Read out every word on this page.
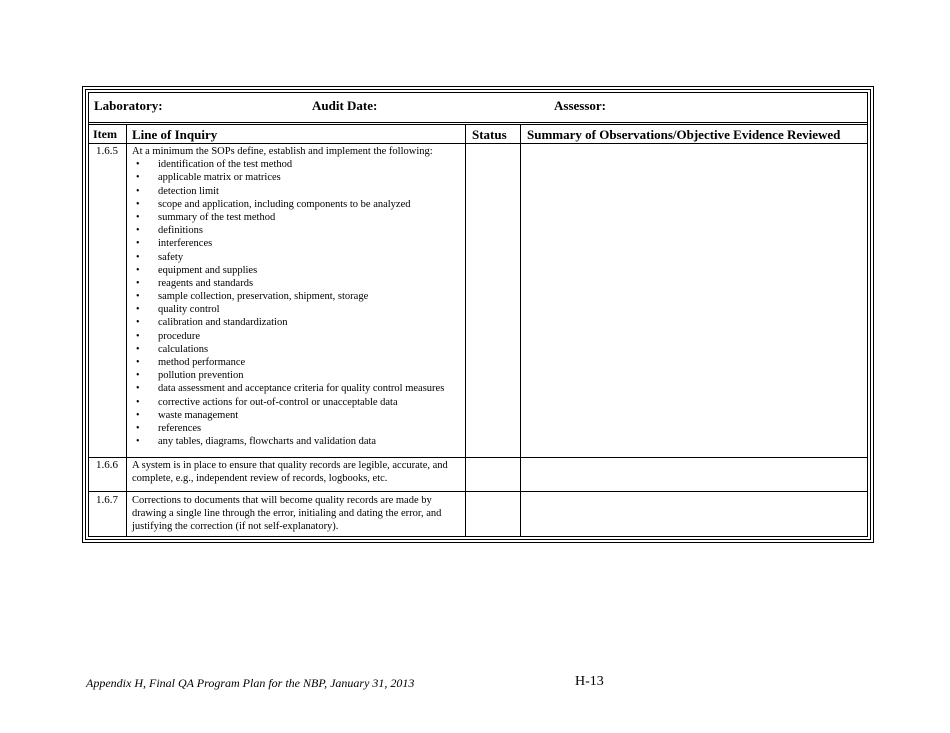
Laboratory:	Audit Date:	Assessor:
Item Line of Inquiry	Status Summary of Observations/Objective Evidence Reviewed
1.6.5 At a minimum the SOPs define, establish and implement the following:
• identification of the test method
• applicable matrix or matrices
• detection limit
• scope and application, including components to be analyzed
• summary of the test method
• definitions
• interferences
• safety
• equipment and supplies
• reagents and standards
• sample collection, preservation, shipment, storage
• quality control
• calibration and standardization
• procedure
• calculations
• method performance
• pollution prevention
• data assessment and acceptance criteria for quality control measures
• corrective actions for out-of-control or unacceptable data
• waste management
• references
• any tables, diagrams, flowcharts and validation data
1.6.6 A system is in place to ensure that quality records are legible, accurate, and
complete, e.g., independent review of records, logbooks, etc.
1.6.7 Corrections to documents that will become quality records are made by
drawing a single line through the error, initialing and dating the error, and
justifying the correction (if not self-explanatory).
Appendix H, Final QA Program Plan for the NBP, January 31, 2013	H-13
